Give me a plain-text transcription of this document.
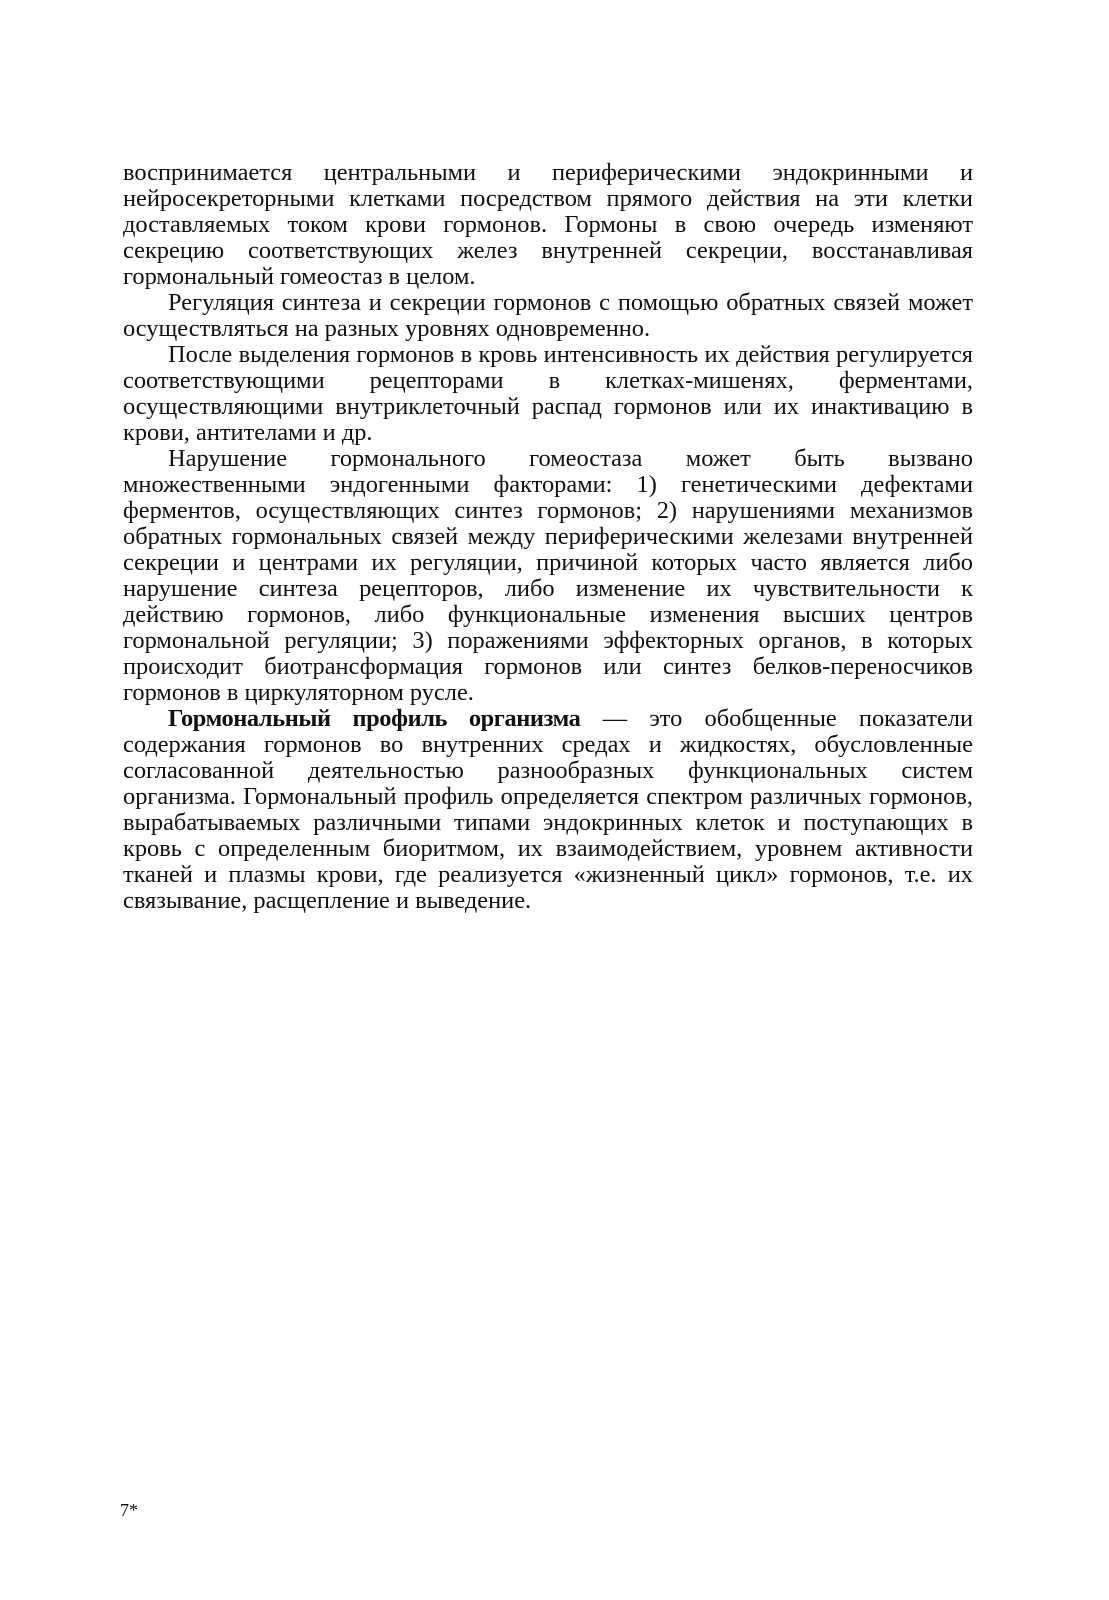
воспринимается центральными и периферическими эндокринными и нейросекреторными клетками посредством прямого действия на эти клетки доставляемых током крови гормонов. Гормоны в свою очередь изменяют секрецию соответствующих желез внутренней секреции, восстанавливая гормональный гомеостаз в целом.

Регуляция синтеза и секреции гормонов с помощью обратных связей может осуществляться на разных уровнях одновременно.

После выделения гормонов в кровь интенсивность их действия регулируется соответствующими рецепторами в клетках-мишенях, ферментами, осуществляющими внутриклеточный распад гормонов или их инактивацию в крови, антителами и др.

Нарушение гормонального гомеостаза может быть вызвано множественными эндогенными факторами: 1) генетическими дефектами ферментов, осуществляющих синтез гормонов; 2) нарушениями механизмов обратных гормональных связей между периферическими железами внутренней секреции и центрами их регуляции, причиной которых часто является либо нарушение синтеза рецепторов, либо изменение их чувствительности к действию гормонов, либо функциональные изменения высших центров гормональной регуляции; 3) поражениями эффекторных органов, в которых происходит биотрансформация гормонов или синтез белков-переносчиков гормонов в циркуляторном русле.

Гормональный профиль организма — это обобщенные показатели содержания гормонов во внутренних средах и жидкостях, обусловленные согласованной деятельностью разнообразных функциональных систем организма. Гормональный профиль определяется спектром различных гормонов, вырабатываемых различными типами эндокринных клеток и поступающих в кровь с определенным биоритмом, их взаимодействием, уровнем активности тканей и плазмы крови, где реализуется «жизненный цикл» гормонов, т.е. их связывание, расщепление и выведение.

7*
